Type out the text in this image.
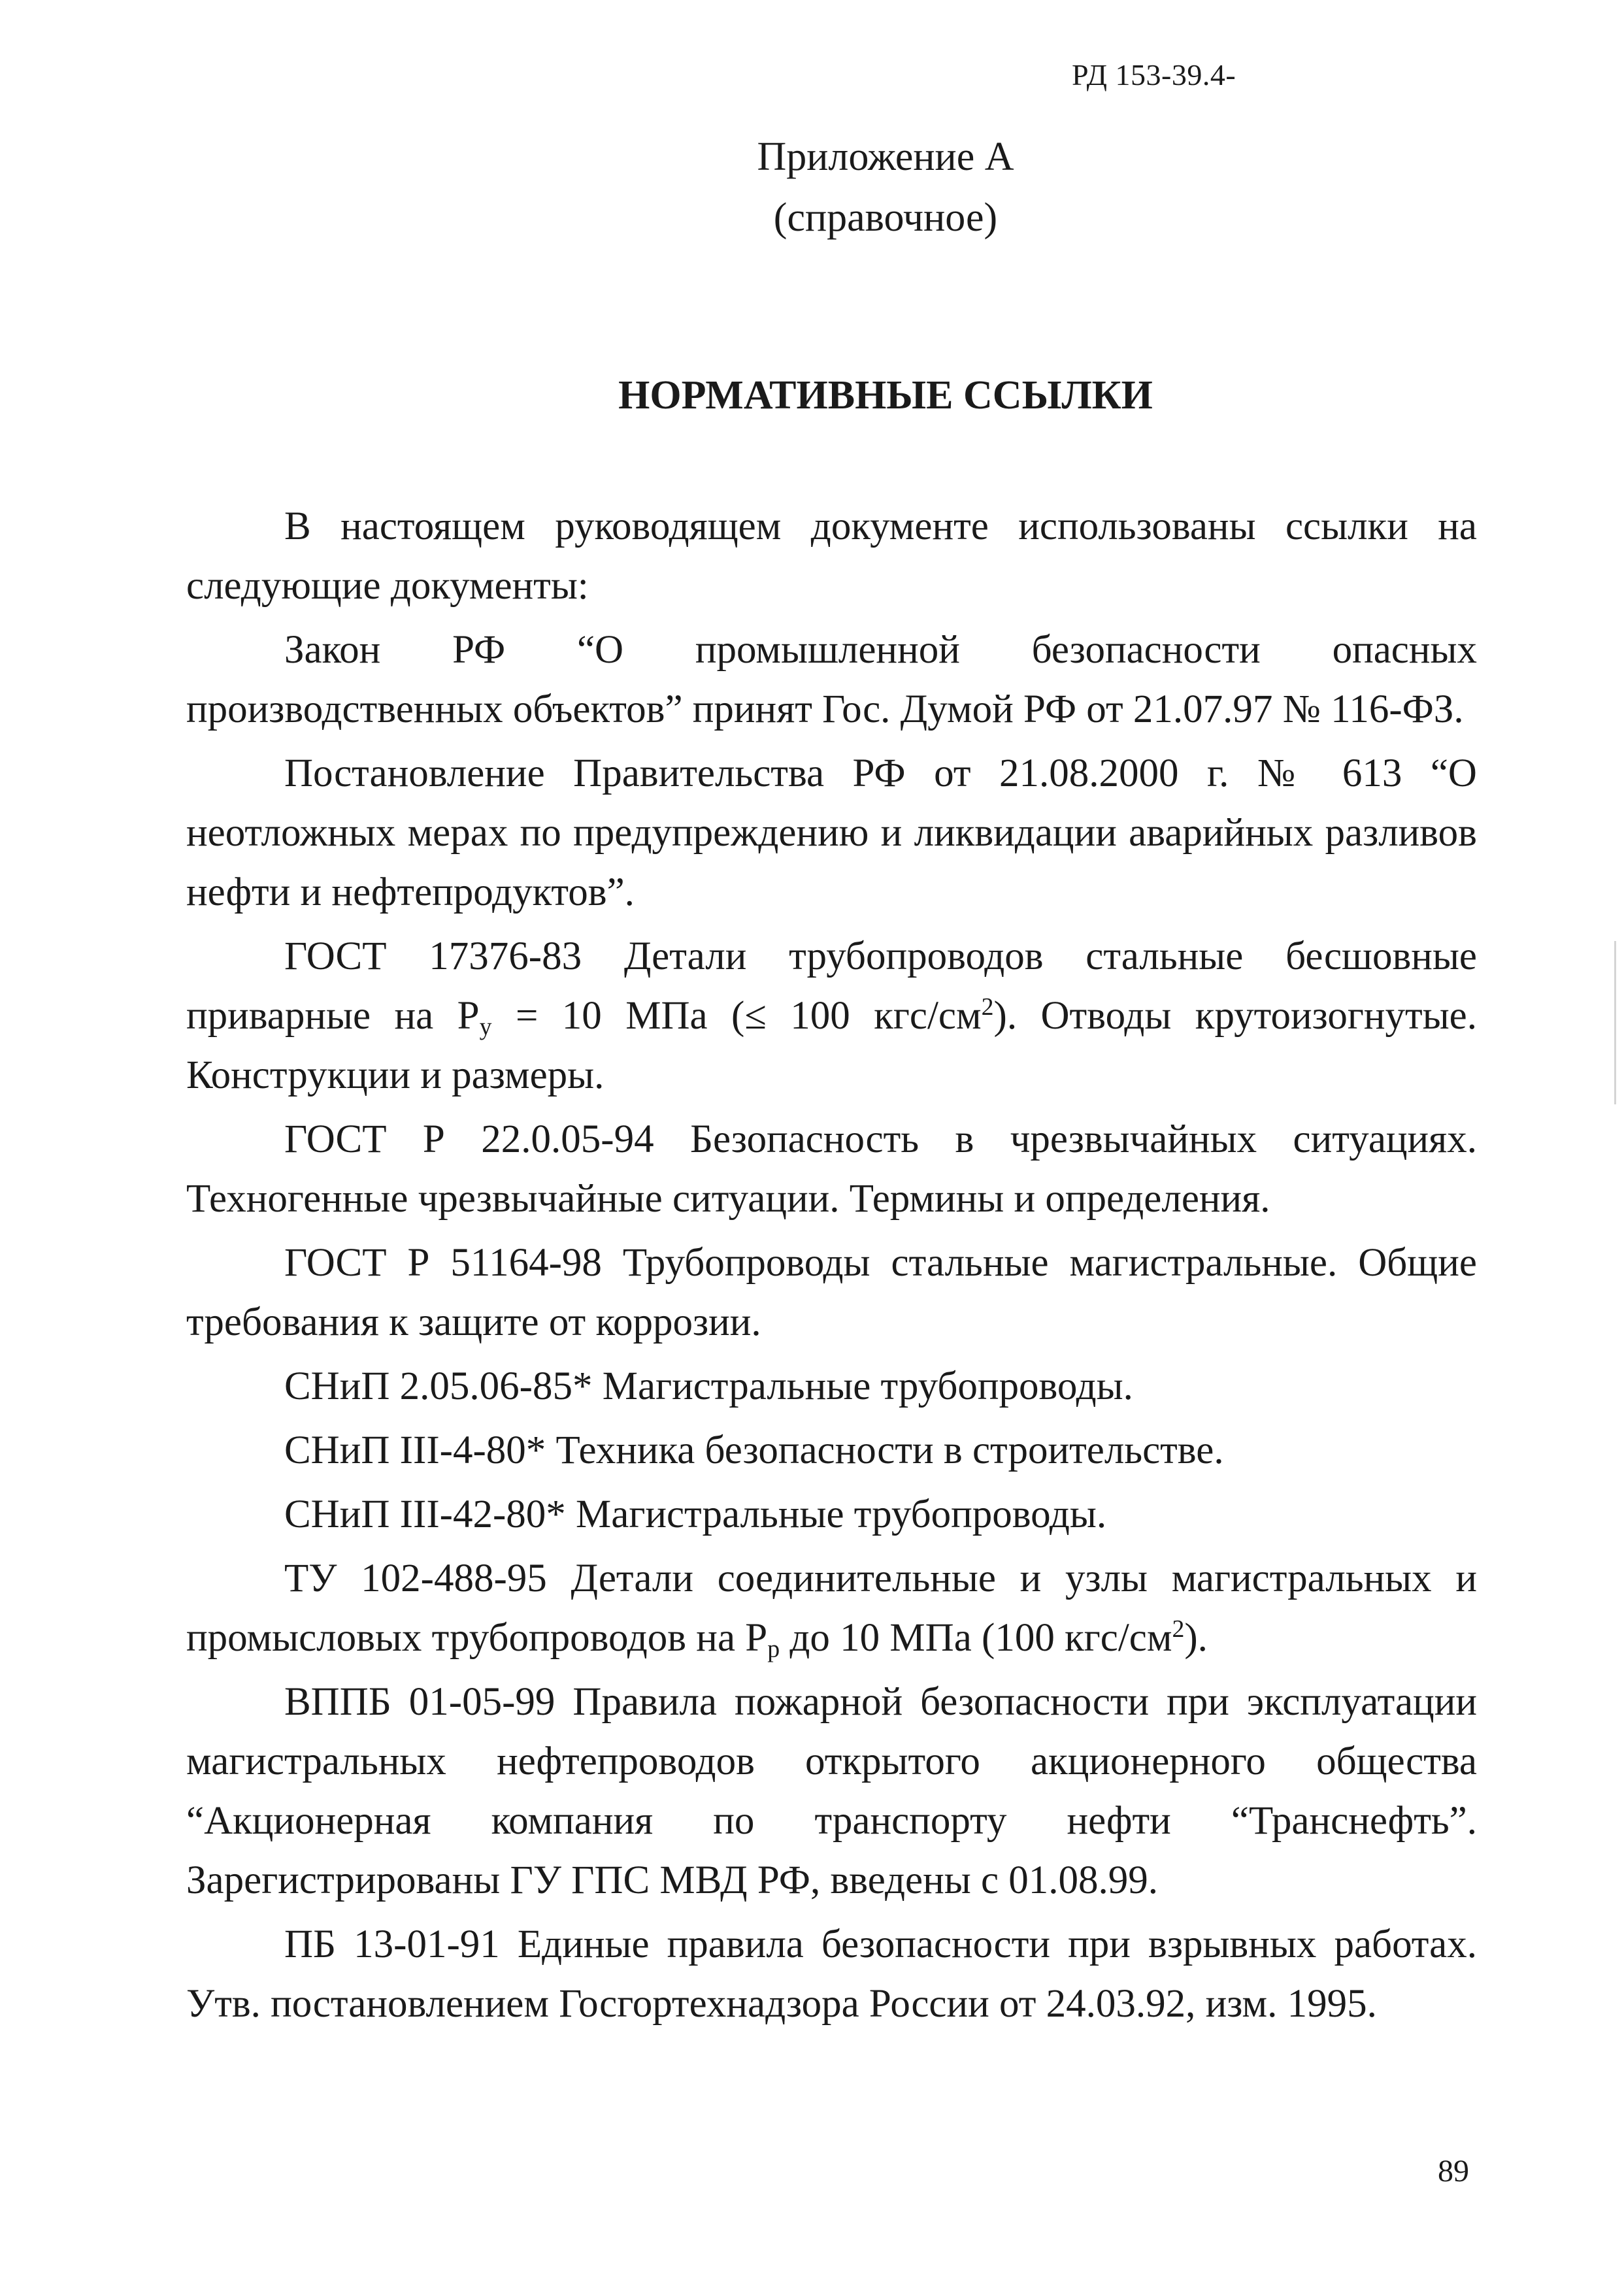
РД 153-39.4-
Приложение А
(справочное)
НОРМАТИВНЫЕ ССЫЛКИ

В настоящем руководящем документе использованы ссылки на следующие документы:

Закон РФ “О промышленной безопасности опасных производственных объектов” принят Гос. Думой РФ от 21.07.97 № 116-ФЗ.

Постановление Правительства РФ от 21.08.2000 г. № 613 “О неотложных мерах по предупреждению и ликвидации аварийных разливов нефти и нефтепродуктов”.

ГОСТ 17376-83 Детали трубопроводов стальные бесшовные приварные на $P_y = 10$ МПа (≤ 100 кгс/$см^2$). Отводы крутоизогнутые. Конструкции и размеры.

ГОСТ Р 22.0.05-94 Безопасность в чрезвычайных ситуациях. Техногенные чрезвычайные ситуации. Термины и определения.

ГОСТ Р 51164-98 Трубопроводы стальные магистральные. Общие требования к защите от коррозии.

СНиП 2.05.06-85* Магистральные трубопроводы.

СНиП III-4-80* Техника безопасности в строительстве.

СНиП III-42-80* Магистральные трубопроводы.

ТУ 102-488-95 Детали соединительные и узлы магистральных и промысловых трубопроводов на $P_p$ до 10 МПа (100 кгс/$см^2$).

ВППБ 01-05-99 Правила пожарной безопасности при эксплуатации магистральных нефтепроводов открытого акционерного общества “Акционерная компания по транспорту нефти “Транснефть”. Зарегистрированы ГУ ГПС МВД РФ, введены с 01.08.99.

ПБ 13-01-91 Единые правила безопасности при взрывных работах. Утв. постановлением Госгортехнадзора России от 24.03.92, изм. 1995.

89
